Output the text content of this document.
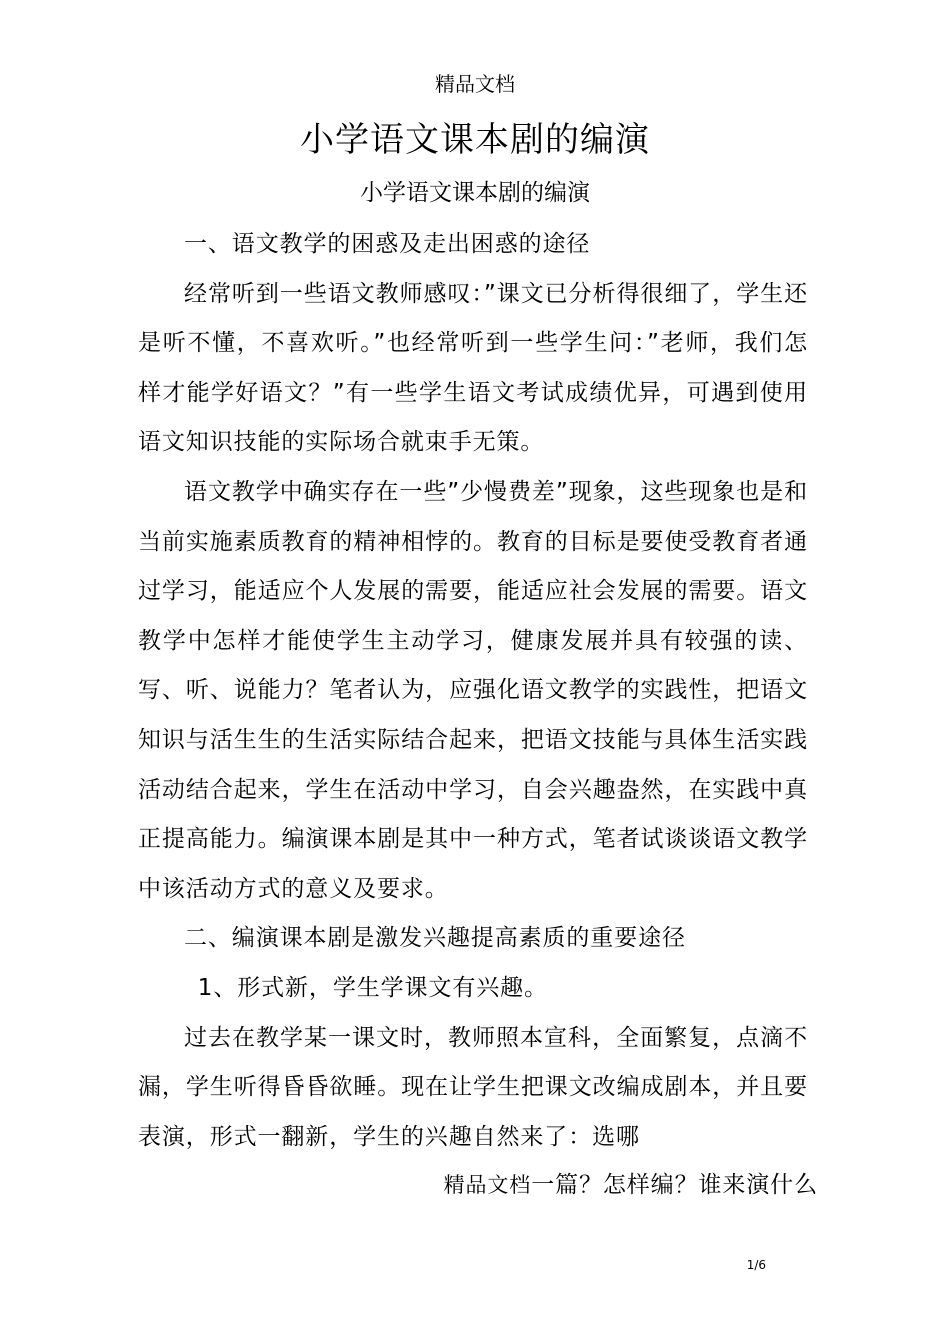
精品文档
小学语文课本剧的编演
小学语文课本剧的编演

一、语文教学的困惑及走出困惑的途径

经常听到一些语文教师感叹：”课文已分析得很细了，学生还是听不懂，不喜欢听。”也经常听到一些学生问：”老师，我们怎样才能学好语文？”有一些学生语文考试成绩优异，可遇到使用语文知识技能的实际场合就束手无策。

语文教学中确实存在一些”少慢费差”现象，这些现象也是和当前实施素质教育的精神相悖的。教育的目标是要使受教育者通过学习，能适应个人发展的需要，能适应社会发展的需要。语文教学中怎样才能使学生主动学习，健康发展并具有较强的读、写、听、说能力？笔者认为，应强化语文教学的实践性，把语文知识与活生生的生活实际结合起来，把语文技能与具体生活实践活动结合起来，学生在活动中学习，自会兴趣盎然，在实践中真正提高能力。编演课本剧是其中一种方式，笔者试谈谈语文教学中该活动方式的意义及要求。

二、编演课本剧是激发兴趣提高素质的重要途径

1、形式新，学生学课文有兴趣。

过去在教学某一课文时，教师照本宣科，全面繁复，点滴不漏，学生听得昏昏欲睡。现在让学生把课文改编成剧本，并且要表演，形式一翻新，学生的兴趣自然来了：选哪

精品文档一篇？怎样编？谁来演什么
1/6
